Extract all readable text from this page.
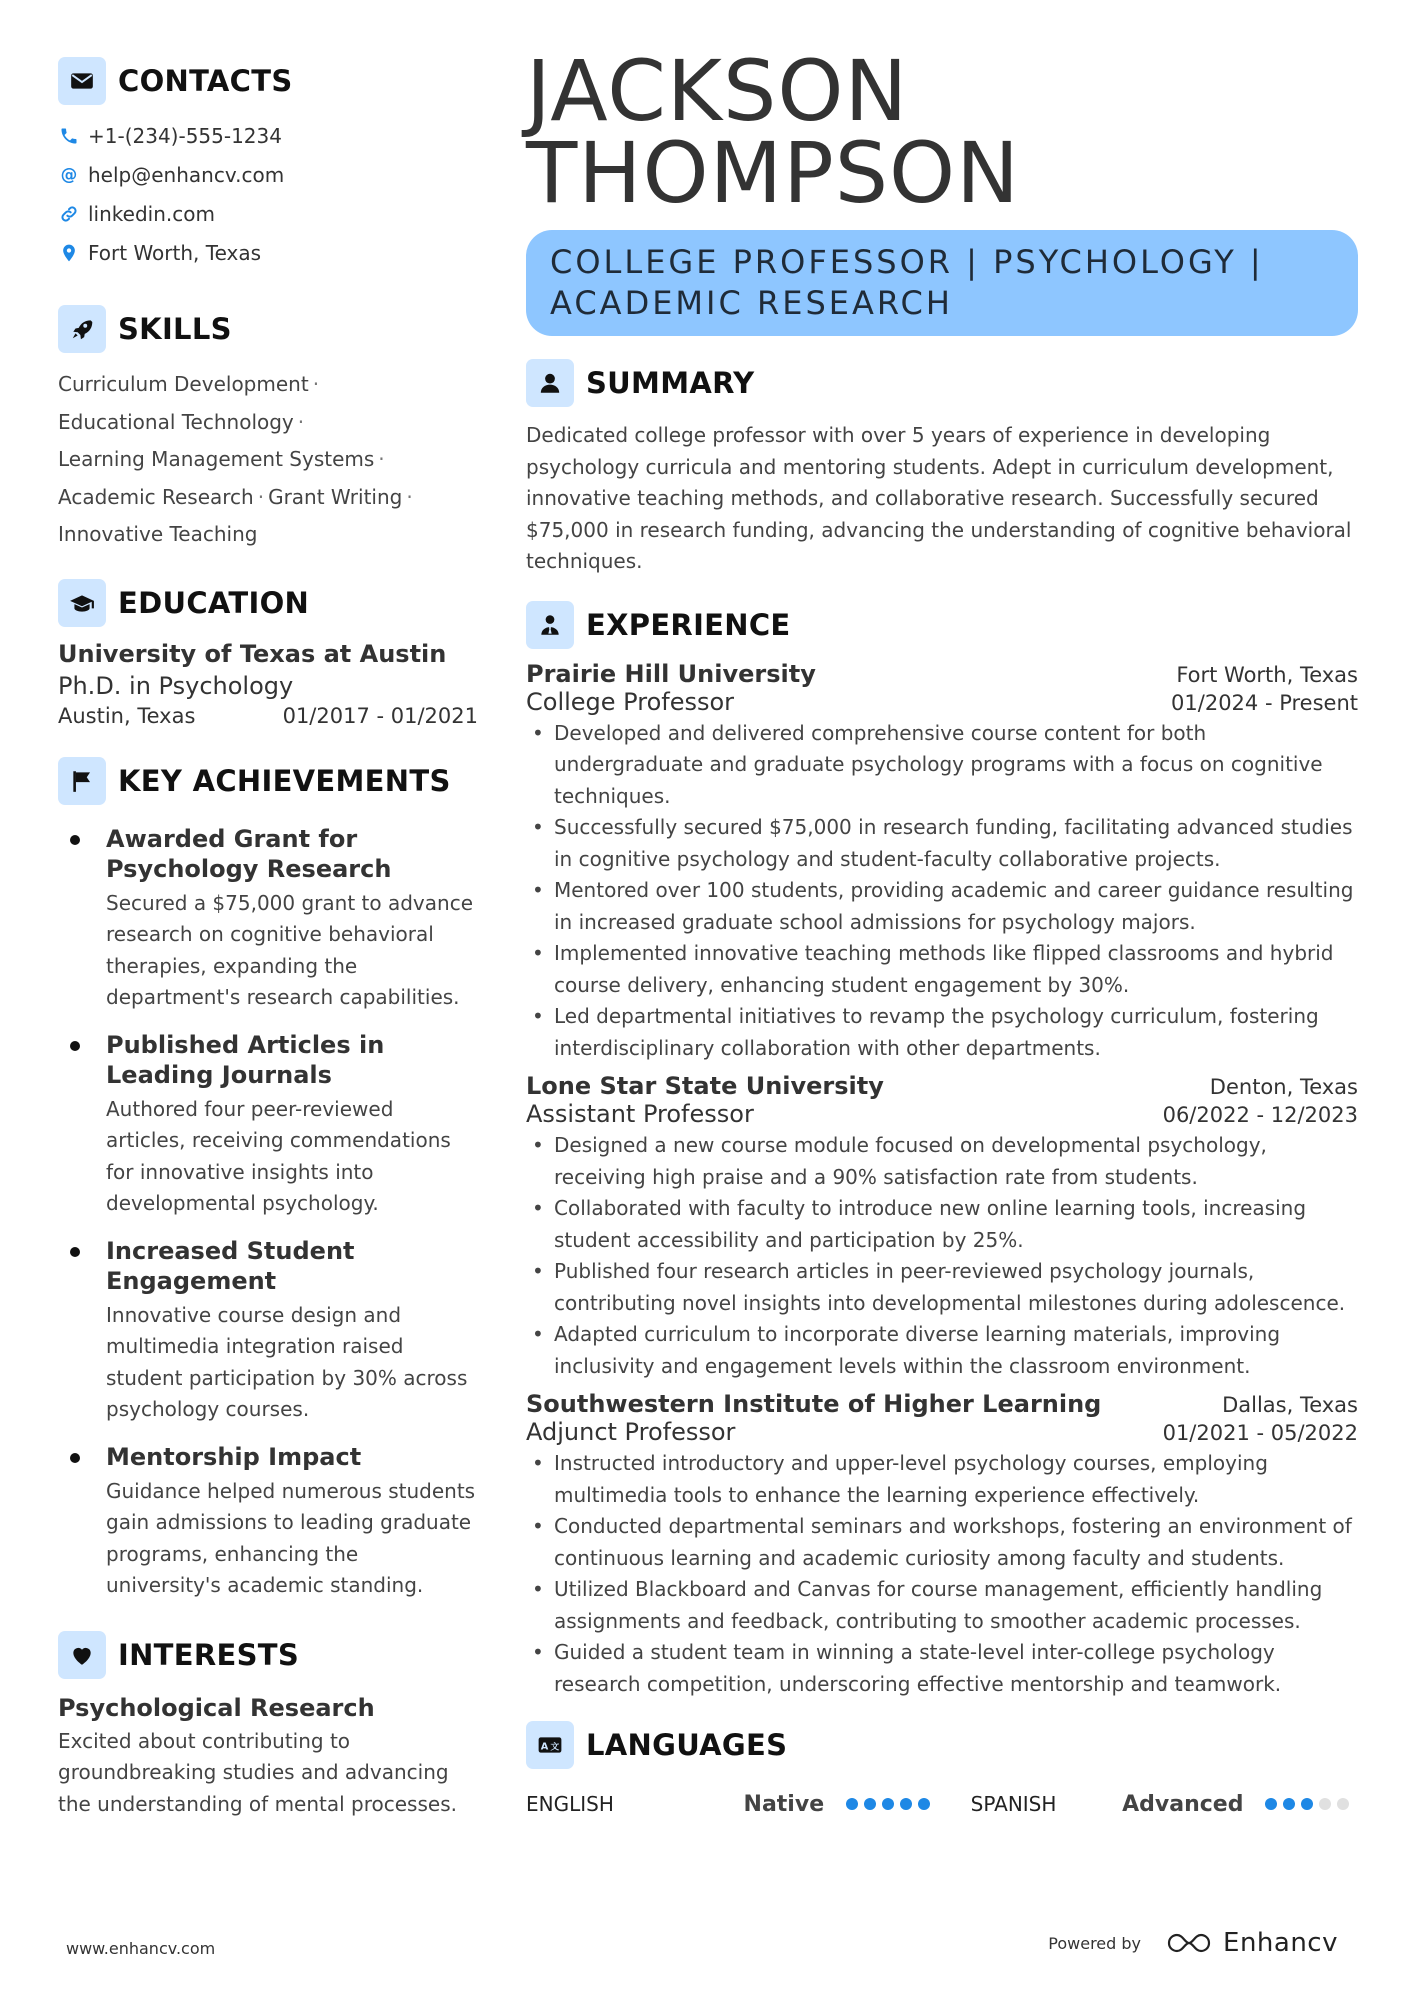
CONTACTS
+1-(234)-555-1234
@ help@enhancv.com
linkedin.com
Fort Worth, Texas
SKILLS
Curriculum Development ·
Educational Technology ·
Learning Management Systems ·
Academic Research · Grant Writing ·
Innovative Teaching
EDUCATION
University of Texas at Austin
Ph.D. in Psychology
Austin, Texas	01/2017 - 01/2021
KEY ACHIEVEMENTS
Awarded Grant for Psychology Research
Secured a $75,000 grant to advance research on cognitive behavioral therapies, expanding the department's research capabilities.
Published Articles in Leading Journals
Authored four peer-reviewed articles, receiving commendations for innovative insights into developmental psychology.
Increased Student Engagement
Innovative course design and multimedia integration raised student participation by 30% across psychology courses.
Mentorship Impact
Guidance helped numerous students gain admissions to leading graduate programs, enhancing the university's academic standing.
INTERESTS
Psychological Research
Excited about contributing to groundbreaking studies and advancing the understanding of mental processes.
JACKSON
THOMPSON
COLLEGE PROFESSOR | PSYCHOLOGY | ACADEMIC RESEARCH
SUMMARY
Dedicated college professor with over 5 years of experience in developing psychology curricula and mentoring students. Adept in curriculum development, innovative teaching methods, and collaborative research. Successfully secured $75,000 in research funding, advancing the understanding of cognitive behavioral techniques.
EXPERIENCE
Prairie Hill University	Fort Worth, Texas
College Professor	01/2024 - Present
• Developed and delivered comprehensive course content for both undergraduate and graduate psychology programs with a focus on cognitive techniques.
• Successfully secured $75,000 in research funding, facilitating advanced studies in cognitive psychology and student-faculty collaborative projects.
• Mentored over 100 students, providing academic and career guidance resulting in increased graduate school admissions for psychology majors.
• Implemented innovative teaching methods like flipped classrooms and hybrid course delivery, enhancing student engagement by 30%.
• Led departmental initiatives to revamp the psychology curriculum, fostering interdisciplinary collaboration with other departments.
Lone Star State University	Denton, Texas
Assistant Professor	06/2022 - 12/2023
• Designed a new course module focused on developmental psychology, receiving high praise and a 90% satisfaction rate from students.
• Collaborated with faculty to introduce new online learning tools, increasing student accessibility and participation by 25%.
• Published four research articles in peer-reviewed psychology journals, contributing novel insights into developmental milestones during adolescence.
• Adapted curriculum to incorporate diverse learning materials, improving inclusivity and engagement levels within the classroom environment.
Southwestern Institute of Higher Learning	Dallas, Texas
Adjunct Professor	01/2021 - 05/2022
• Instructed introductory and upper-level psychology courses, employing multimedia tools to enhance the learning experience effectively.
• Conducted departmental seminars and workshops, fostering an environment of continuous learning and academic curiosity among faculty and students.
• Utilized Blackboard and Canvas for course management, efficiently handling assignments and feedback, contributing to smoother academic processes.
• Guided a student team in winning a state-level inter-college psychology research competition, underscoring effective mentorship and teamwork.
A 文 LANGUAGES
ENGLISH	Native	SPANISH	Advanced
www.enhancv.com	Powered by	Enhancv
